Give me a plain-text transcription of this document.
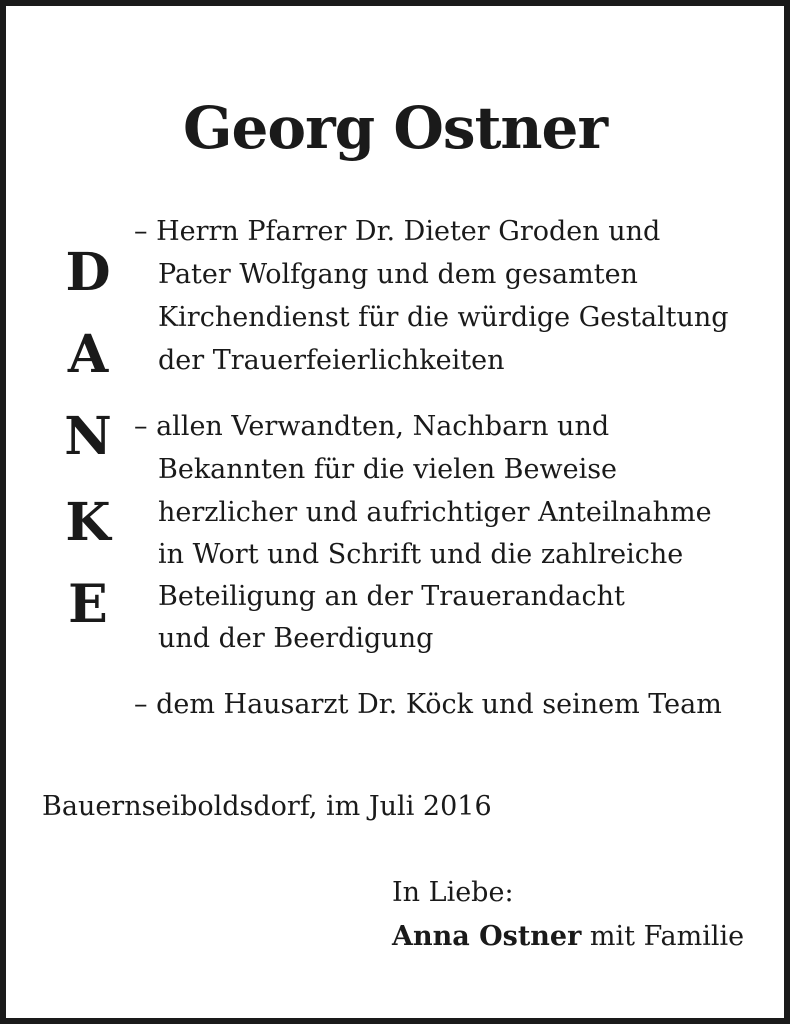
Georg Ostner
D
A
N
K
E
– Herrn Pfarrer Dr. Dieter Groden und
Pater Wolfgang und dem gesamten
Kirchendienst für die würdige Gestaltung
der Trauerfeierlichkeiten
– allen Verwandten, Nachbarn und
Bekannten für die vielen Beweise
herzlicher und aufrichtiger Anteilnahme
in Wort und Schrift und die zahlreiche
Beteiligung an der Trauerandacht
und der Beerdigung
– dem Hausarzt Dr. Köck und seinem Team
Bauernseiboldsdorf, im Juli 2016
In Liebe:
Anna Ostner mit Familie
